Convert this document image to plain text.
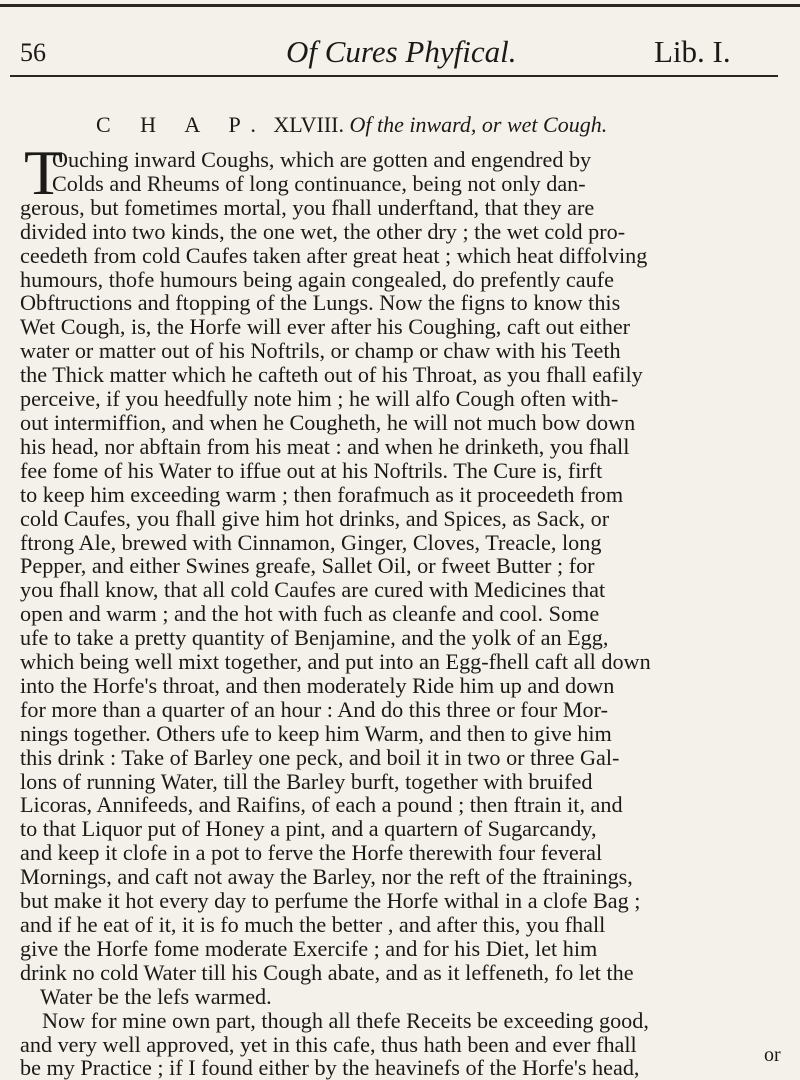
56	Of Cures Phyfical.	Lib. I.
C H A P. XLVIII. Of the inward, or wet Cough.
T
Ouching inward Coughs, which are gotten and engendred by
Colds and Rheums of long continuance, being not only dan-
gerous, but fometimes mortal, you fhall underftand, that they are
divided into two kinds, the one wet, the other dry ; the wet cold pro-
ceedeth from cold Caufes taken after great heat ; which heat diffolving
humours, thofe humours being again congealed, do prefently caufe
Obftructions and ftopping of the Lungs. Now the figns to know this
Wet Cough, is, the Horfe will ever after his Coughing, caft out either
water or matter out of his Noftrils, or champ or chaw with his Teeth
the Thick matter which he cafteth out of his Throat, as you fhall eafily
perceive, if you heedfully note him ; he will alfo Cough often with-
out intermiffion, and when he Cougheth, he will not much bow down
his head, nor abftain from his meat : and when he drinketh, you fhall
fee fome of his Water to iffue out at his Noftrils. The Cure is, firft
to keep him exceeding warm ; then forafmuch as it proceedeth from
cold Caufes, you fhall give him hot drinks, and Spices, as Sack, or
ftrong Ale, brewed with Cinnamon, Ginger, Cloves, Treacle, long
Pepper, and either Swines greafe, Sallet Oil, or fweet Butter ; for
you fhall know, that all cold Caufes are cured with Medicines that
open and warm ; and the hot with fuch as cleanfe and cool. Some
ufe to take a pretty quantity of Benjamine, and the yolk of an Egg,
which being well mixt together, and put into an Egg-fhell caft all down
into the Horfe's throat, and then moderately Ride him up and down
for more than a quarter of an hour : And do this three or four Mor-
nings together. Others ufe to keep him Warm, and then to give him
this drink : Take of Barley one peck, and boil it in two or three Gal-
lons of running Water, till the Barley burft, together with bruifed
Licoras, Annifeeds, and Raifins, of each a pound ; then ftrain it, and
to that Liquor put of Honey a pint, and a quartern of Sugarcandy,
and keep it clofe in a pot to ferve the Horfe therewith four feveral
Mornings, and caft not away the Barley, nor the reft of the ftrainings,
but make it hot every day to perfume the Horfe withal in a clofe Bag ;
and if he eat of it, it is fo much the better , and after this, you fhall
give the Horfe fome moderate Exercife ; and for his Diet, let him
drink no cold Water till his Cough abate, and as it leffeneth, fo let the
Water be the lefs warmed.
Now for mine own part, though all thefe Receits be exceeding good,
and very well approved, yet in this cafe, thus hath been and ever fhall
be my Practice ; if I found either by the heavinefs of the Horfe's head,
or
